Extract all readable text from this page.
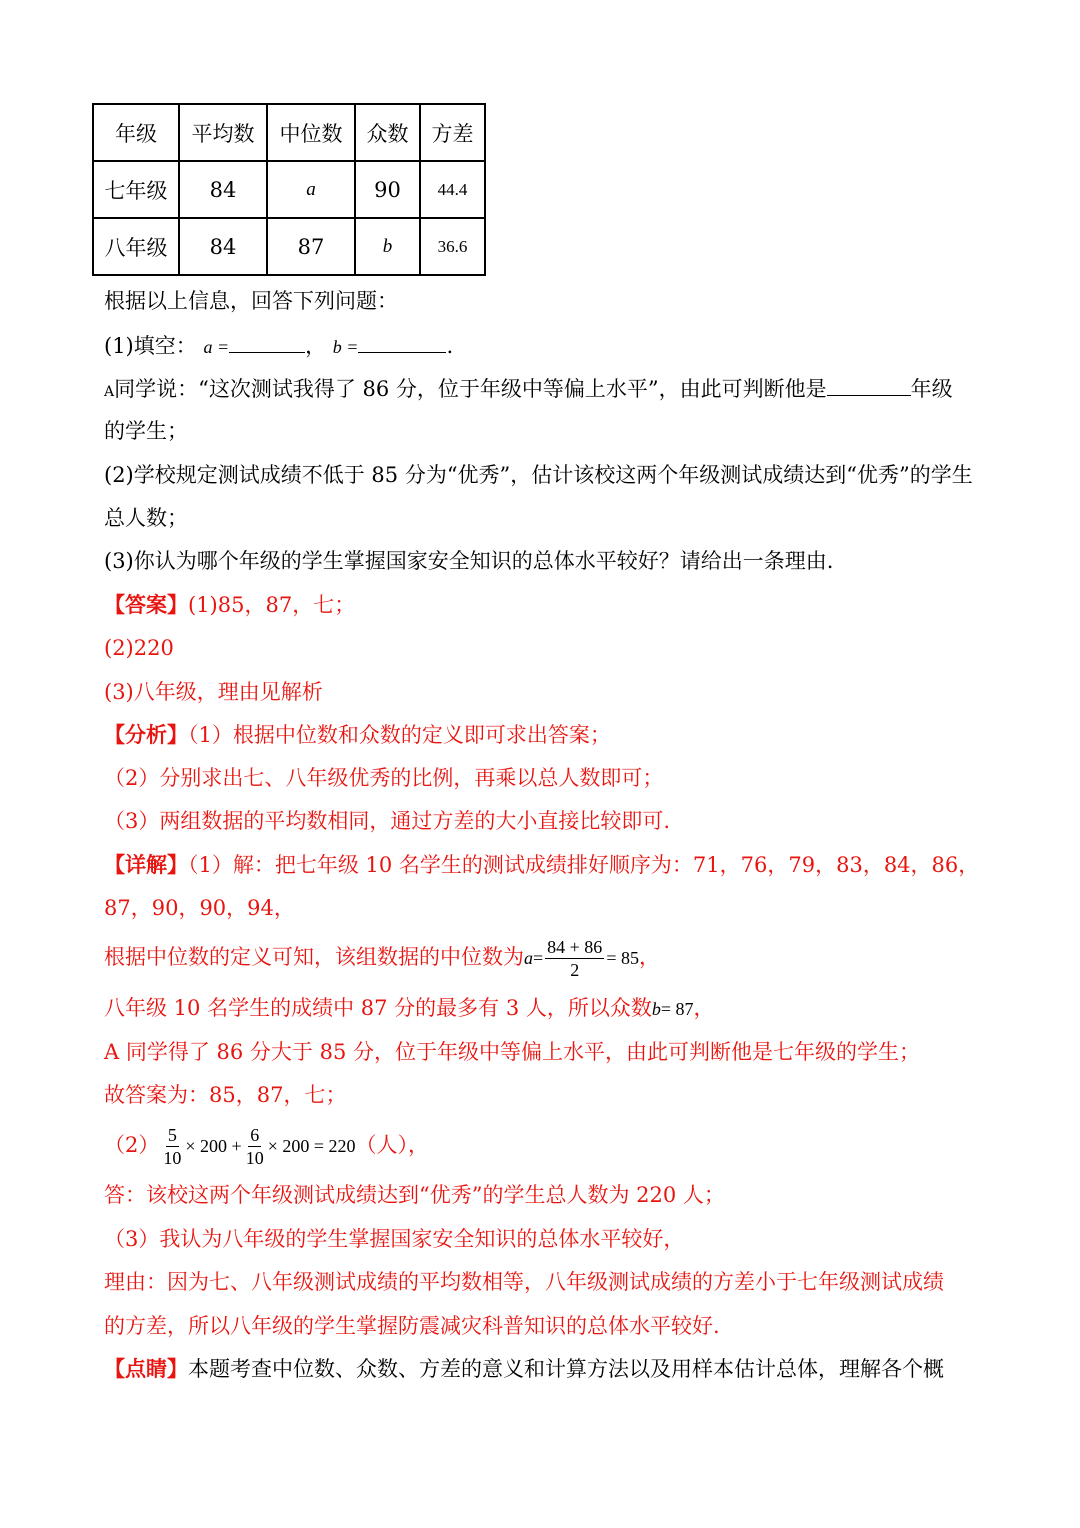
年级	平均数	中位数	众数	方差
七年级	84	a	90	44.4
八年级	84	87	b	36.6
根据以上信息，回答下列问题：
(1)填空： a =	， b =	.
A同学说：“这次测试我得了 86 分，位于年级中等偏上水平”，由此可判断他是	年级
的学生；
(2)学校规定测试成绩不低于 85 分为“优秀”，估计该校这两个年级测试成绩达到“优秀”的学生
总人数；
(3)你认为哪个年级的学生掌握国家安全知识的总体水平较好？请给出一条理由.
【答案】(1)85，87，七；
(2)220
(3)八年级，理由见解析
【分析】（1）根据中位数和众数的定义即可求出答案；
（2）分别求出七、八年级优秀的比例，再乘以总人数即可；
（3）两组数据的平均数相同，通过方差的大小直接比较即可.
【详解】（1）解：把七年级 10 名学生的测试成绩排好顺序为：71，76，79，83，84，86，
87，90，90，94，
根据中位数的定义可知，该组数据的中位数为$a= \frac{84 + 86}{2} = 85$，
八年级 10 名学生的成绩中 87 分的最多有 3 人，所以众数b= 87，
A 同学得了 86 分大于 85 分，位于年级中等偏上水平，由此可判断他是七年级的学生；
故答案为：85，87，七；
$(2) \frac{5}{10} \times 200 + \frac{6}{10} \times 200 = 220$（人），
答：该校这两个年级测试成绩达到“优秀”的学生总人数为 220 人；
（3）我认为八年级的学生掌握国家安全知识的总体水平较好，
理由：因为七、八年级测试成绩的平均数相等，八年级测试成绩的方差小于七年级测试成绩
的方差，所以八年级的学生掌握防震减灾科普知识的总体水平较好.
【点睛】本题考查中位数、众数、方差的意义和计算方法以及用样本估计总体，理解各个概
